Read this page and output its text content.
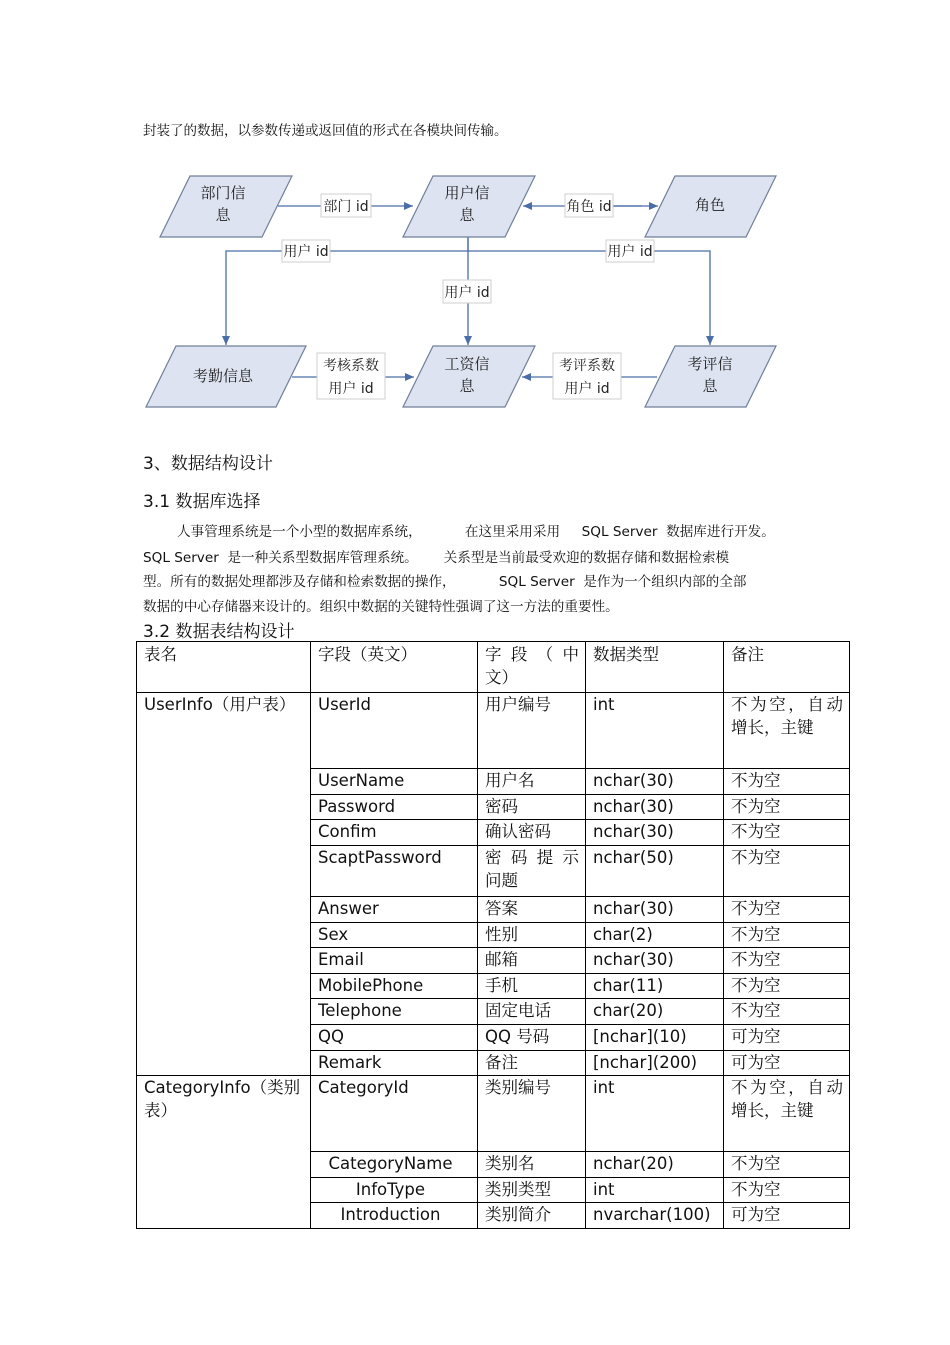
封装了的数据，以参数传递或返回值的形式在各模块间传输。
部门信
息
用户信
息
角色
考勤信息
工资信
息
考评信
息
部门 id	角色 id
用户 id	用户 id
用户 id
考核系数
用户 id
考评系数
用户 id
3、数据结构设计
3.1 数据库选择
人事管理系统是一个小型的数据库系统，          在这里采用采用     SQL Server  数据库进行开发。
SQL Server  是一种关系型数据库管理系统。      关系型是当前最受欢迎的数据存储和数据检索模
型。所有的数据处理都涉及存储和检索数据的操作，          SQL Server  是作为一个组织内部的全部
数据的中心存储器来设计的。组织中数据的关键特性强调了这一方法的重要性。
3.2 数据表结构设计
表名	字段（英文）	字 段 （ 中 文）	数据类型	备注
UserInfo（用户表）	UserId	用户编号	int	不为空，自动增长，主键
	UserName	用户名	nchar(30)	不为空
	Password	密码	nchar(30)	不为空
	Confim	确认密码	nchar(30)	不为空
	ScaptPassword	密 码 提 示 问题	nchar(50)	不为空
	Answer	答案	nchar(30)	不为空
	Sex	性别	char(2)	不为空
	Email	邮箱	nchar(30)	不为空
	MobilePhone	手机	char(11)	不为空
	Telephone	固定电话	char(20)	不为空
	QQ	QQ 号码	[nchar](10)	可为空
	Remark	备注	[nchar](200)	可为空
CategoryInfo（类别表）	CategoryId	类别编号	int	不为空，自动增长，主键
	CategoryName	类别名	nchar(20)	不为空
	InfoType	类别类型	int	不为空
	Introduction	类别简介	nvarchar(100)	可为空
